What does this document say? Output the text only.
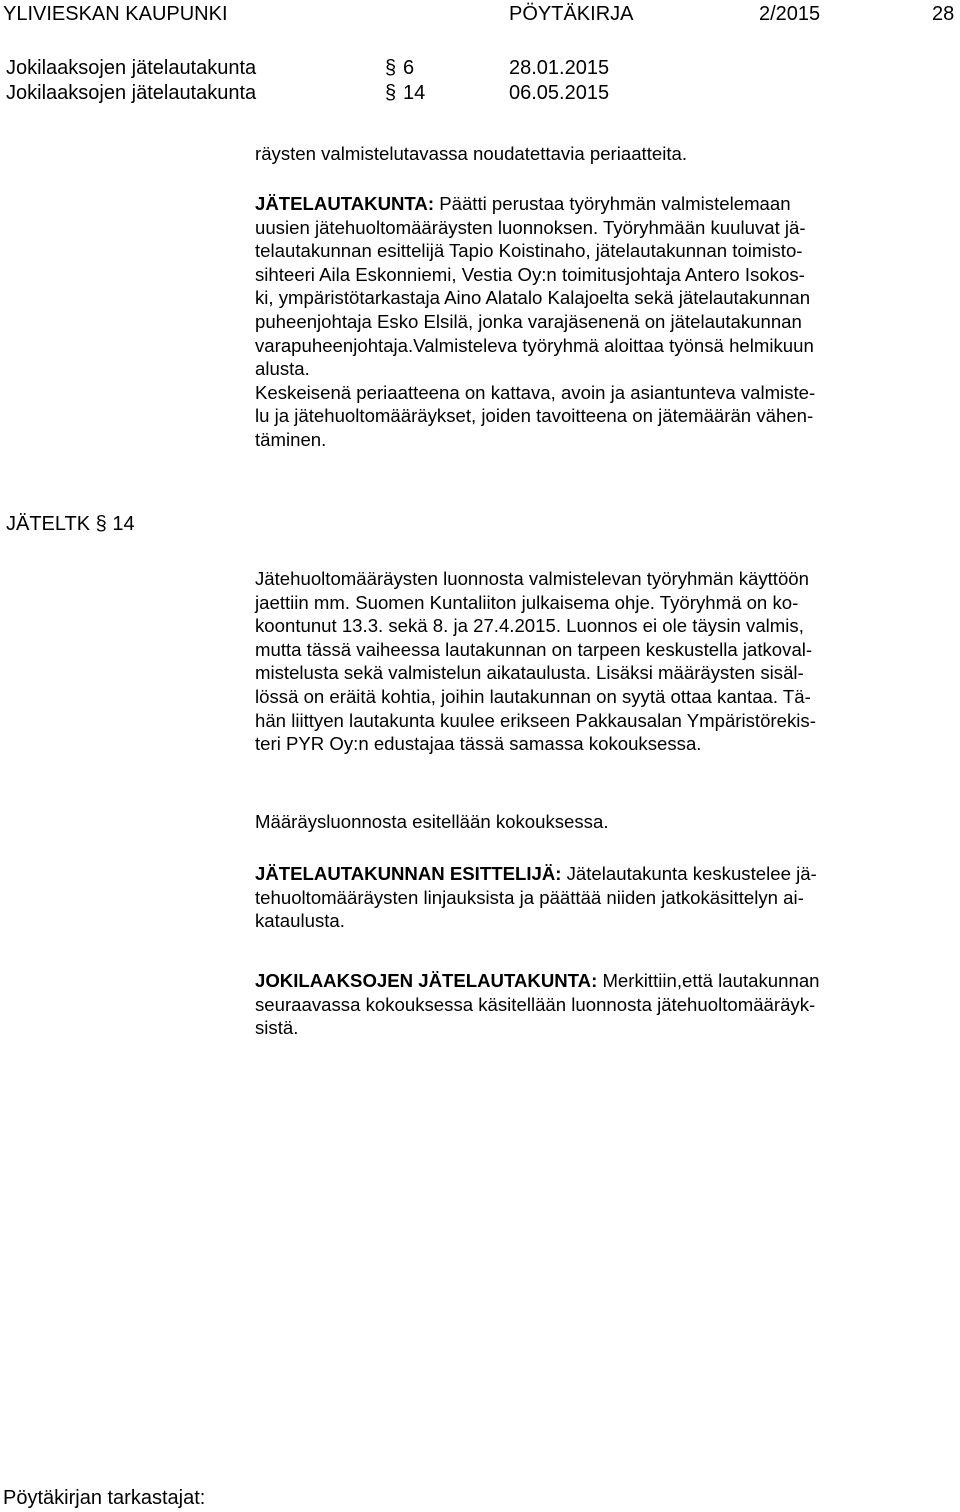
YLIVIESKAN KAUPUNKI	PÖYTÄKIRJA	2/2015	28
Jokilaaksojen jätelautakunta	§ 6	28.01.2015
Jokilaaksojen jätelautakunta	§ 14	06.05.2015
räysten valmistelutavassa noudatettavia periaatteita.
JÄTELAUTAKUNTA: Päätti perustaa työryhmän valmistelemaan
uusien jätehuoltomääräysten luonnoksen. Työryhmään kuuluvat jä-
telautakunnan esittelijä Tapio Koistinaho, jätelautakunnan toimisto-
sihteeri Aila Eskonniemi, Vestia Oy:n toimitusjohtaja Antero Isokos-
ki, ympäristötarkastaja Aino Alatalo Kalajoelta sekä jätelautakunnan
puheenjohtaja Esko Elsilä, jonka varajäsenenä on jätelautakunnan
varapuheenjohtaja.Valmisteleva työryhmä aloittaa työnsä helmikuun
alusta.
Keskeisenä periaatteena on kattava, avoin ja asiantunteva valmiste-
lu ja jätehuoltomääräykset, joiden tavoitteena on jätemäärän vähen-
täminen.
JÄTELTK § 14
Jätehuoltomääräysten luonnosta valmistelevan työryhmän käyttöön
jaettiin mm. Suomen Kuntaliiton julkaisema ohje. Työryhmä on ko-
koontunut 13.3. sekä 8. ja 27.4.2015. Luonnos ei ole täysin valmis,
mutta tässä vaiheessa lautakunnan on tarpeen keskustella jatkoval-
mistelusta sekä valmistelun aikataulusta. Lisäksi määräysten sisäl-
lössä on eräitä kohtia, joihin lautakunnan on syytä ottaa kantaa. Tä-
hän liittyen lautakunta kuulee erikseen Pakkausalan Ympäristörekis-
teri PYR Oy:n edustajaa tässä samassa kokouksessa.
Määräysluonnosta esitellään kokouksessa.
JÄTELAUTAKUNNAN ESITTELIJÄ: Jätelautakunta keskustelee jä-
tehuoltomääräysten linjauksista ja päättää niiden jatkokäsittelyn ai-
kataulusta.
JOKILAAKSOJEN JÄTELAUTAKUNTA: Merkittiin,että lautakunnan
seuraavassa kokouksessa käsitellään luonnosta jätehuoltomääräyk-
sistä.
Pöytäkirjan tarkastajat:
